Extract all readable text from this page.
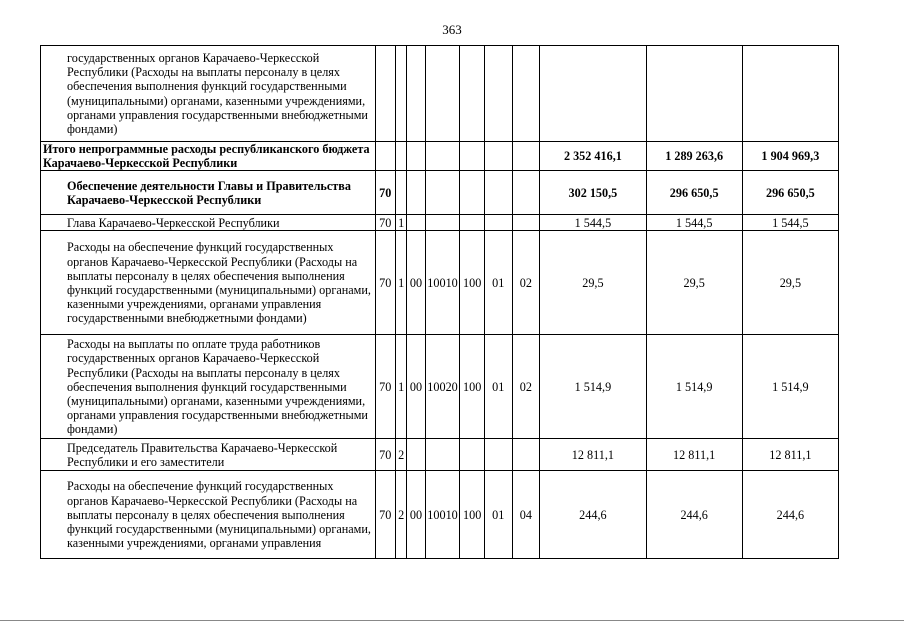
363
государственных органов Карачаево-Черкесской Республики (Расходы на выплаты персоналу в целях обеспечения выполнения функций государственными (муниципальными) органами, казенными учреждениями, органами управления государственными внебюджетными фондами)										
Итого непрограммные расходы республиканского бюджета Карачаево-Черкесской Республики								2 352 416,1	1 289 263,6	1 904 969,3
Обеспечение деятельности Главы и Правительства Карачаево-Черкесской Республики	70							302 150,5	296 650,5	296 650,5
Глава Карачаево-Черкесской Республики	70	1						1 544,5	1 544,5	1 544,5
Расходы на обеспечение функций государственных органов Карачаево-Черкесской Республики (Расходы на выплаты персоналу в целях обеспечения выполнения функций государственными (муниципальными) органами, казенными учреждениями, органами управления государственными внебюджетными фондами)	70	1	00	10010	100	01	02	29,5	29,5	29,5
Расходы на выплаты по оплате труда работников государственных органов Карачаево-Черкесской Республики (Расходы на выплаты персоналу в целях обеспечения выполнения функций государственными (муниципальными) органами, казенными учреждениями, органами управления государственными внебюджетными фондами)	70	1	00	10020	100	01	02	1 514,9	1 514,9	1 514,9
Председатель Правительства Карачаево-Черкесской Республики и его заместители	70	2						12 811,1	12 811,1	12 811,1
Расходы на обеспечение функций государственных органов Карачаево-Черкесской Республики (Расходы на выплаты персоналу в целях обеспечения выполнения функций государственными (муниципальными) органами, казенными учреждениями, органами управления	70	2	00	10010	100	01	04	244,6	244,6	244,6
